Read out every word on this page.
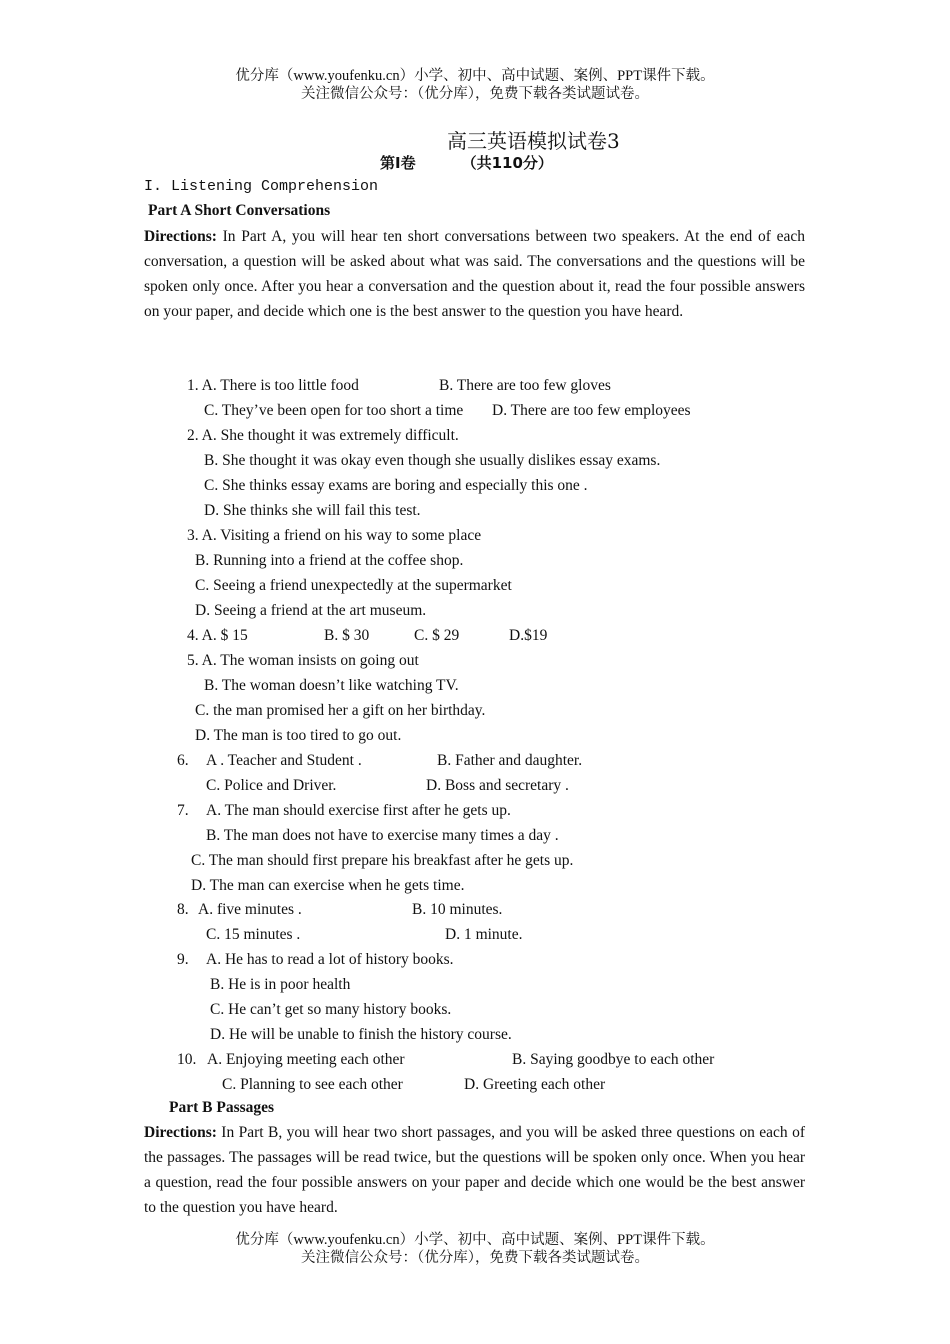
优分库（www.youfenku.cn）小学、初中、高中试题、案例、PPT课件下载。
关注微信公众号：（优分库），免费下载各类试题试卷。
高三英语模拟试卷3
第Ⅰ卷	（共110分）
I. Listening Comprehension
Part A Short Conversations
Directions: In Part A, you will hear ten short conversations between two speakers. At the end of each conversation, a question will be asked about what was said. The conversations and the questions will be spoken only once. After you hear a conversation and the question about it, read the four possible answers on your paper, and decide which one is the best answer to the question you have heard.
1. A. There is too little food	B. There are too few gloves
C. They’ve been open for too short a time D. There are too few employees
2. A. She thought it was extremely difficult.
B. She thought it was okay even though she usually dislikes essay exams.
C. She thinks essay exams are boring and especially this one .
D. She thinks she will fail this test.
3. A. Visiting a friend on his way to some place
B. Running into a friend at the coffee shop.
C. Seeing a friend unexpectedly at the supermarket
D. Seeing a friend at the art museum.
4. A. $ 15	B. $ 30	C. $ 29	D.$19
5. A. The woman insists on going out
B. The woman doesn’t like watching TV.
C. the man promised her a gift on her birthday.
D. The man is too tired to go out.
6. A . Teacher and Student .	B. Father and daughter.
C. Police and Driver.	D. Boss and secretary .
7. A. The man should exercise first after he gets up.
B. The man does not have to exercise many times a day .
C. The man should first prepare his breakfast after he gets up.
D. The man can exercise when he gets time.
8. A. five minutes .	B. 10 minutes.
C. 15 minutes .	D. 1 minute.
9. A. He has to read a lot of history books.
B. He is in poor health
C. He can’t get so many history books.
D. He will be unable to finish the history course.
10. A. Enjoying meeting each other	B. Saying goodbye to each other
C. Planning to see each other	D. Greeting each other
Part B Passages
Directions: In Part B, you will hear two short passages, and you will be asked three questions on each of the passages. The passages will be read twice, but the questions will be spoken only once. When you hear a question, read the four possible answers on your paper and decide which one would be the best answer to the question you have heard.
优分库（www.youfenku.cn）小学、初中、高中试题、案例、PPT课件下载。
关注微信公众号：（优分库），免费下载各类试题试卷。
